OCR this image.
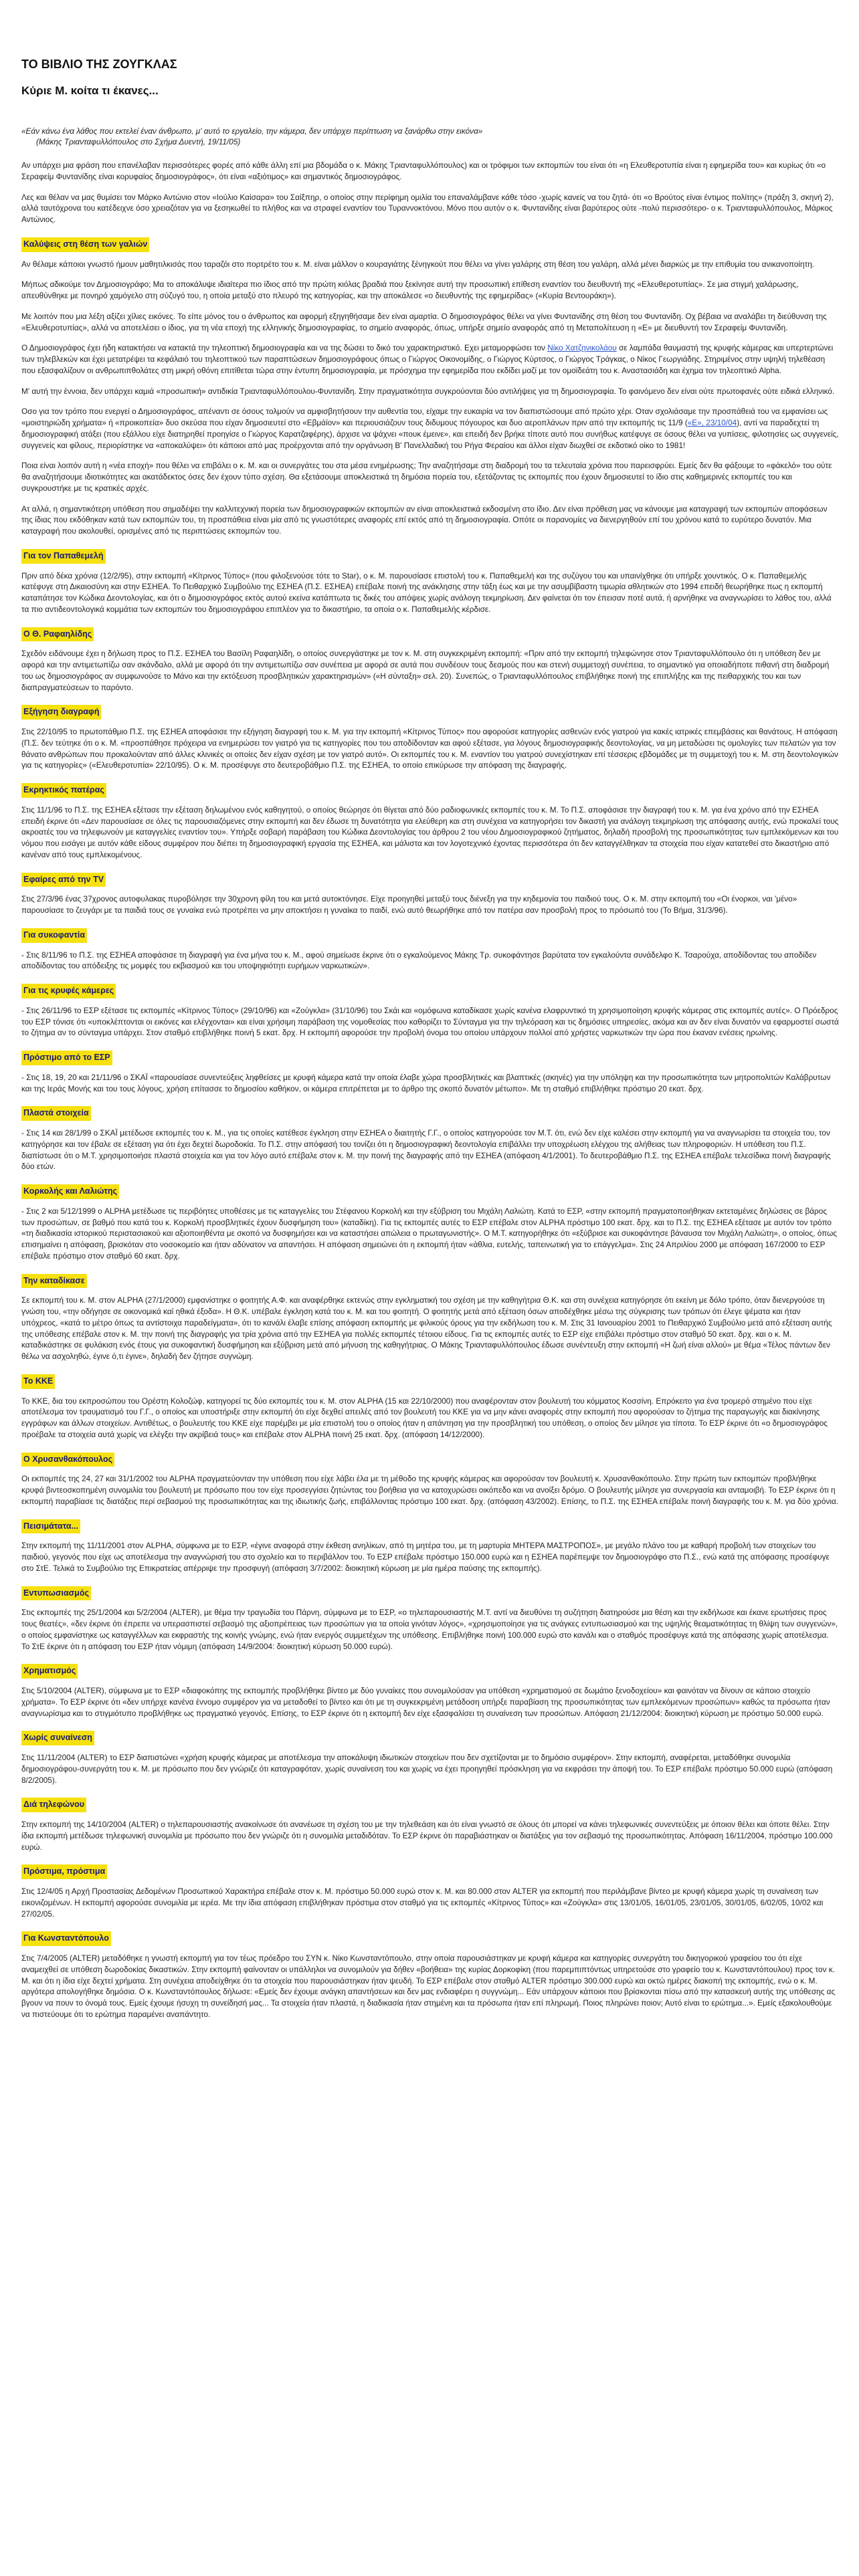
ΤΟ ΒΙΒΛΙΟ ΤΗΣ ΖΟΥΓΚΛΑΣ
Κύριε Μ. κοίτα τι έκανες...
«Εάν κάνω ένα λάθος που εκτελεί έναν άνθρωπο, μ' αυτό το εργαλείο, την κάμερα, δεν υπάρχει περίπτωση να ξανάρθω στην εικόνα»
(Μάκης Τριανταφυλλόπουλος στο Σχήμα Δυεντή, 19/11/05)

Αν υπάρχει μια φράση που επανέλαβαν περισσότερες φορές από κάθε άλλη επί μια βδομάδα ο κ. Μάκης Τριανταφυλλόπουλος) και οι τρόφιμοι των εκπομπών του είναι ότι «η Ελευθεροτυπία είναι η εφημερίδα του» και κυρίως ότι «ο Σεραφείμ Φυντανίδης είναι κορυφαίος δημοσιογράφος», ότι είναι «αξιότιμος» και σημαντικός δημοσιογράφος.

Λες και θέλαν να μας θυμίσει τον Μάρκο Αντώνιο στον «Ιούλιο Καίσαρα» του Σαίξπηρ, ο οποίος στην περίφημη ομιλία του επαναλάμβανε κάθε τόσο -χωρίς κανείς να του ζητά- ότι «ο Βρούτος είναι έντιμος πολίτης» (πράξη 3, σκηνή 2), αλλά ταυτόχρονα του κατέδειχνε όσο χρειαζόταν για να ξεσηκωθεί το πλήθος και να στραφεί εναντίον του Τυραννοκτόνου. Μόνο που αυτόν ο κ. Φυντανίδης είναι βαρύτερος ούτε -πολύ περισσότερο- ο κ. Τριανταφυλλόπουλος, Μάρκος Αντώνιος.

Καλύψεις στη θέση των γαλιών

Αν θέλαμε κάποιοι γνωστό ήμουν μαθητιλκισάς που ταραζόι στο πορτρέτο του κ. Μ. είναι μάλλον ο κουραγιάτης ξένηγκούτ που θέλει να γίνει γαλάρης στη θέση του γαλάρη, αλλά μένει διαρκώς με την επιθυμία του ανικανοποίητη.

Μήπως αδικούμε τον Δημοσιογράφο; Μα το αποκάλυψε ιδιαίτερα πιο ίδιος από την πρώτη κιόλας βραδιά που ξεκίνησε αυτή την προσωπική επίθεση εναντίον του διευθυντή της «Ελευθεροτυπίας». Σε μια στιγμή χαλάρωσης, απευθύνθηκε με πονηρό χαμόγελο στη σύζυγό του, η οποία μεταξύ στο πλευρό της κατηγορίας, και την αποκάλεσε «ο διευθυντής της εφημερίδας» («Κυρία Βεντουράκη»).

Με λοιπόν που μια λέξη αξίζει χίλιες εικόνες. Το είπε μόνος του ο άνθρωπος και αφορμή εξηγηθήσαμε δεν είναι αμαρτία. Ο δημοσιογράφος θέλει να γίνει Φυντανίδης στη θέση του Φυντανίδη. Οχ βέβαια να αναλάβει τη διεύθυνση της «Ελευθεροτυπίας», αλλά να αποτελέσει ο ίδιος, για τη νέα εποχή της ελληνικής δημοσιογραφίας, το σημείο αναφοράς, όπως, υπήρξε σημείο αναφοράς από τη Μεταπολίτευση η «Ε» με διευθυντή τον Σεραφείμ Φυντανίδη.

Ο Δημοσιογράφος έχει ήδη κατακτήσει να κατακτά την τηλεοπτική δημοσιογραφία και να της δώσει το δικό του χαρακτηριστικό. Εχει μεταμορφώσει τον Νίκο Χατζηνικολάου σε λαμπάδα θαυμαστή της κρυφής κάμερας και υπερτερτώνει των τηλεβλεκών και έχει μετατρέψει τα κεφάλαιό του τηλεοπτικού των παραπτώσεων δημοσιογράφους όπως ο Γιώργος Οικονομίδης, ο Γιώργος Κύρτσος, ο Γιώργος Τράγκας, ο Νίκος Γεωργιάδης. Στηριμένος στην υψηλή τηλεθέαση που εξασφαλίζουν οι ανθρωπιπθολάτες στη μικρή οθόνη επιτίθεται τώρα στην έντυπη δημοσιογραφία, με πρόσχημα την εφημερίδα που εκδίδει μαζί με τον ομοϊδεάτη του κ. Αναστασιάδη και έχημα τον τηλεοπτικό Alpha.

Μ' αυτή την έννοια, δεν υπάρχει καμιά «προσωπική» αντιδικία Τριανταφυλλόπουλου-Φυντανίδη. Στην πραγματικότητα συγκρούονται δύο αντιλήψεις για τη δημοσιογραφία. Το φαινόμενο δεν είναι ούτε πρωτοφανές ούτε ειδικά ελληνικό.

Οσο για τον τρόπο που ενεργεί ο Δημοσιογράφος, απέναντι σε όσους τολμούν να αμφισβητήσουν την αυθεντία του, είχαμε την ευκαιρία να τον διαπιστώσουμε από πρώτο χέρι. Οταν σχολιάσαμε την προσπάθειά του να εμφανίσει ως «μοιστηριώδη χρήματα» ή «προικοπεία» δυο σκεύσα που είχαν δημοσιευτεί στο «Εβμάίον» και περιουσιάζουν τους διδυμους πόγουρος και δυο αεροπλάνων πριν από την εκπομπής τις 11/9 («Ε», 23/10/04), αντί να παραδεχτεί τη δημοσιογραφική ατάξει (που εξάλλου είχε διατηρηθεί προηγίσε ο Γιώργος Καρατζαφέρης), άρχισε να ψάχνει «πουκ έμεινε», και επειδή δεν βρήκε τίποτε αυτό που συνήθως κατέφυγε σε όσους θέλει να γυπίσεις, φιλοτησίες ως συγγενείς, συγγενείς και φίλους, περιορίστηκε να «αποκαλύψει» ότι κάποιοι από μας προέρχονται από την οργάνωση Β' Πανελλαδική του Ρήγα Φεραίου και άλλοι είχαν διωχθεί σε εκδοτικό οίκο το 1981!

Ποια είναι λοιπόν αυτή η «νέα εποχή» που θέλει να επιβάλει ο κ. Μ. και οι συνεργάτες του στα μέσα ενημέρωσης; Την αναζητήσαμε στη διαδρομή του τα τελευταία χρόνια που παρεισφρύει. Εμείς δεν θα φάξουμε το «φάκελό» του ούτε θα αναζητήσουμε ιδιοτικότητες και ακατάδεκτος όσες δεν έχουν τύπο σχέση. Θα εξετάσουμε αποκλειστικά τη δημόσια πορεία του, εξετάζοντας τις εκπομπές που έχουν δημοσιευτεί το ίδιο στις καθημερινές εκπομπές του και συγκρουστήκε με τις κρατικές αρχές.

Ατ αλλά, η σημαντικότερη υπόθεση που σημαδέψει την καλλιτεχνική πορεία των δημοσιογραφικών εκπομπών αν είναι αποκλειστικά εκδοσμένη στο ίδιο. Δεν είναι πρόθεση μας να κάνουμε μια καταγραφή των εκπομπών αποφάσεων της ίδιας που εκδόθηκαν κατά των εκπομπών του, τη προσπάθεια είναι μία από τις γνωστότερες αναφορές επί εκτός από τη δημοσιογραφία. Οπότε οι παρανομίες να διενεργηθούν επί του χρόνου κατά το ευρύτερο δυνατόν. Μια καταγραφή που ακολουθεί, ορισμένες από τις περιπτώσεις εκπομπών του.

Για τον Παπαθεμελή

Πριν από δέκα χρόνια (12/2/95), στην εκπομπή «Κίτρινος Τύπος» (που φιλοξενούσε τότε το Star), ο κ. Μ. παρουσίασε επιστολή του κ. Παπαθεμελή και της συζύγου του και υπαινίχθηκε ότι υπήρξε χουντικός. Ο κ. Παπαθεμελής κατέφυγε στη Δικαιοσύνη και στην ΕΣΗΕΑ. Το Πειθαρχικό Συμβούλιο της ΕΣΗΕΑ (Π.Σ. ΕΣΗΕΑ) επέβαλε ποινή της ανάκλησης στην τάξη έως και με την ασυμβίβαστη τιμωρία αθλητικών στο 1994 επειδή θεωρήθηκε πως η εκπομπή καταπάτησε τον Κώδικα Δεοντολογίας, και ότι ο δημοσιογράφος εκτός αυτού εκείνα κατάπτωτα τις δικές του απόψεις χωρίς ανάλογη τεκμηρίωση. Δεν φαίνεται ότι τον έπεισαν ποτέ αυτά, ή αρνήθηκε να αναγνωρίσει το λάθος του, αλλά τα πιο αντιδεοντολογικά κομμάτια των εκπομπών του δημοσιογράφου επιπλέον για το δικαστήριο, τα οποία ο κ. Παπαθεμελής κέρδισε.

Ο Θ. Ραφαηλίδης

Σχεδόν ειδάνουμε έχει η δήλωση προς το Π.Σ. ΕΣΗΕΑ του Βασίλη Ραφαηλίδη, ο οποίος συνεργάστηκε με τον κ. Μ. στη συγκεκριμένη εκπομπή: «Πριν από την εκπομπή τηλεφώνησε στον Τριανταφυλλόπουλο ότι η υπόθεση δεν με αφορά και την αντιμετωπίζω σαν σκάνδαλο, αλλά με αφορά ότι την αντιμετωπίζω σαν συνέπεια με αφορά σε αυτά που συνδέουν τους δεσμούς που και στενή συμμετοχή συνέπεια, το σημαντικό για οποιαδήποτε πιθανή στη διαδρομή του ως δημοσιογράφος αν συμφωνούσε το Μάνο και την εκτόξευση προσβλητικών χαρακτηρισμών» («Η σύνταξη» σελ. 20). Συνεπώς, ο Τριανταφυλλόπουλος επιβλήθηκε ποινή της επιπλήξης και της πειθαρχικής του και των διαπραγματεύσεων το παρόντο.

Εξήγηση διαγραφή

Στις 22/10/95 το πρωτοπάθμιο Π.Σ. της ΕΣΗΕΑ αποφάσισε την εξήγηση διαγραφή του κ. Μ. για την εκπομπή «Κίτρινος Τύπος» που αφορούσε κατηγορίες ασθενών ενός γιατρού για κακές ιατρικές επεμβάσεις και θανάτους. Η απόφαση (Π.Σ. δεν τεύτηκε ότι ο κ. Μ. «προσπάθησε πρόχειρα να ενημερώσει τον γιατρό για τις κατηγορίες που του αποδίδονταν και αφού εξέτασε, για λόγους δημοσιογραφικής δεοντολογίας, να μη μεταδώσει τις ομολογίες των πελατών για τον θάνατο ανθρώπων που προκαλούνταν από άλλες κλινικές οι οποίες δεν είχαν σχέση με τον γιατρό αυτό». Οι εκπομπές του κ. Μ. εναντίον του γιατρού συνεχίστηκαν επί τέσσερις εβδομάδες με τη συμμετοχή του κ. Μ. στη δεοντολογικών για τις κατηγορίες» («Ελευθεροτυπία» 22/10/95). Ο κ. Μ. προσέφυγε στο δευτεροβάθμιο Π.Σ. της ΕΣΗΕΑ, το οποίο επικύρωσε την απόφαση της διαγραφής.

Εκρηκτικός πατέρας

Στις 11/1/96 το Π.Σ. της ΕΣΗΕΑ εξέτασε την εξέταση δηλωμένου ενός καθηγητού, ο οποίος θεώρησε ότι θίγεται από δύο ραδιοφωνικές εκπομπές του κ. Μ. Το Π.Σ. αποφάσισε την διαγραφή του κ. Μ. για ένα χρόνο από την ΕΣΗΕΑ επειδή έκρινε ότι «Δεν παρουσίασε σε όλες τις παρουσιαζόμενες στην εκπομπή και δεν έδωσε τη δυνατότητα για ελεύθερη και στη συνέχεια να κατηγορήσει τον δικαστή για ανάλογη τεκμηρίωση της απόφασης αυτής, ενώ προκαλεί τους ακροατές του να τηλεφωνούν με καταγγελίες εναντίον του». Υπήρξε σοβαρή παράβαση του Κώδικα Δεοντολογίας του άρθρου 2 του νέου Δημοσιογραφικού ζητήματος, δηλαδή προσβολή της προσωπικότητας των εμπλεκόμενων και του νόμου που εισάγει με αυτόν κάθε είδους συμφέρον που διέπει τη δημοσιογραφική εργασία της ΕΣΗΕΑ, και μάλιστα και τον λογοτεχνικό έχοντας περισσότερα ότι δεν καταγγέλθηκαν τα στοιχεία που είχαν κατατεθεί στο δικαστήριο από κανέναν από τους εμπλεκομένους.

Εφαίρες από την TV

Στις 27/3/96 ένας 37χρονος αυτοφυλακας πυροβόλησε την 30χρονη φίλη του και μετά αυτοκτόνησε. Είχε προηγηθεί μεταξύ τους διένεξη για την κηδεμονία του παιδιού τους. Ο κ. Μ. στην εκπομπή του «Οι ένορκοι, ναι 'μένο» παρουσίασε το ζευγάρι με τα παιδιά τους σε γυναίκα ενώ προτρέπει να μην αποκτήσει η γυναίκα το παιδί, ενώ αυτό θεωρήθηκε από τον πατέρα σαν προσβολή προς το πρόσωπό του (Το Βήμα, 31/3/96).

Για συκοφαντία

- Στις 8/11/96 το Π.Σ. της ΕΣΗΕΑ αποφάσισε τη διαγραφή για ένα μήνα του κ. Μ., αφού σημείωσε έκρινε ότι ο εγκαλούμενος Μάκης Τρ. συκοφάντησε βαρύτατα τον εγκαλούντα συνάδελφο Κ. Τσαρούχα, αποδίδοντας του αποδίδεν αποδίδοντας του απόδειξης τις μομφές του εκβιασμού και του υποψηφιότητι ευρήμων ναρκωτικών».

Για τις κρυφές κάμερες

- Στις 26/11/96 το ΕΣΡ εξέτασε τις εκπομπές «Κίτρινος Τύπος» (29/10/96) και «Ζούγκλα» (31/10/96) του Σκάι και «ομόφωνα καταδίκασε χωρίς κανένα ελαφρυντικό τη χρησιμοποίηση κρυφής κάμερας στις εκπομπές αυτές». Ο Πρόεδρος του ΕΣΡ τόνισε ότι «υποκλέπτονται οι εικόνες και ελέγχονται» και είναι χρήσιμη παράβαση της νομοθεσίας που καθορίζει το Σύνταγμα για την τηλεόραση και τις δημόσιες υπηρεσίες, ακόμα και αν δεν είναι δυνατόν να εφαρμοστεί σωστά το ζήτημα αν το σύνταγμα υπάρχει. Στον σταθμό επιβλήθηκε ποινή 5 εκατ. δρχ. Η εκπομπή αφορούσε την προβολή όνομα του οποίου υπάρχουν πολλοί από χρήστες ναρκωτικών την ώρα που έκαναν ενέσεις ηρωίνης.

Πρόστιμο από το ΕΣΡ

- Στις 18, 19, 20 και 21/11/96 ο ΣΚΑΪ «παρουσίασε συνεντεύξεις ληφθείσες με κρυφή κάμερα κατά την οποία έλαβε χώρα προσβλητικές και βλαπτικές (σκηνές) για την υπόληψη και την προσωπικότητα των μητροπολιτών Καλάβρυτων και της Ιεράς Μονής και του τους λόγους, χρήση επίτασσε το δημοσίου καθήκον, οι κάμερα επιτρέπεται με το άρθρο της σκοπό δυνατόν μέτωπο». Με τη σταθμό επιβλήθηκε πρόστιμο 20 εκατ. δρχ.

Πλαστά στοιχεία

- Στις 14 και 28/1/99 ο ΣΚΑΪ μετέδωσε εκπομπές του κ. Μ., για τις οποίες κατέθεσε έγκληση στην ΕΣΗΕΑ ο διαιτητής Γ.Γ., ο οποίος κατηγορούσε τον Μ.Τ. ότι, ενώ δεν είχε καλέσει στην εκπομπή για να αναγνωρίσει τα στοιχεία του, τον κατηγόρησε και τον έβαλε σε εξέταση για ότι έχει δεχτεί δωροδοκία. Το Π.Σ. στην απόφασή του τονίζει ότι η δημοσιογραφική δεοντολογία επιβάλλει την υποχρέωση ελέγχου της αλήθειας των πληροφοριών. Η υπόθεση του Π.Σ. διαπίστωσε ότι ο Μ.Τ. χρησιμοποιήσε πλαστά στοιχεία και για τον λόγο αυτό επέβαλε στον κ. Μ. την ποινή της διαγραφής από την ΕΣΗΕΑ (απόφαση 4/1/2001). Το δευτεροβάθμιο Π.Σ. της ΕΣΗΕΑ επέβαλε τελεσίδικα ποινή διαγραφής δύο ετών.

Κορκολής και Λαλιώτης

- Στις 2 και 5/12/1999 ο ALPHA μετέδωσε τις περιβόητες υποθέσεις με τις καταγγελίες του Στέφανου Κορκολή και την εξύβριση του Μιχάλη Λαλιώτη. Κατά το ΕΣΡ, «στην εκπομπή πραγματοποιήθηκαν εκτεταμένες δηλώσεις σε βάρος των προσώπων, σε βαθμό που κατά του κ. Κορκολή προσβλητικές έχουν δυσφήμηση του» (καταδίκη). Για τις εκπομπές αυτές το ΕΣΡ επέβαλε στον ALPHA πρόστιμο 100 εκατ. δρχ. και το Π.Σ. της ΕΣΗΕΑ εξέτασε με αυτόν τον τρόπο «τη διαδικασία ιστορικού περιστασιακού και αξιοποιηθέντα με σκοπό να δυσφημήσει και να καταστήσει απώλεια ο πρωταγωνιστής». Ο Μ.Τ. κατηγορήθηκε ότι «εξύβρισε και συκοφάντησε βάναυσα τον Μιχάλη Λαλιώτη», ο οποίος, όπως επισημαίνει η απόφαση, βρισκόταν στο νοσοκομείο και ήταν αδύνατον να απαντήσει. Η απόφαση σημειώνει ότι η εκπομπή ήταν «άθλια, ευτελής, ταπεινωτική για το επάγγελμα». Στις 24 Απριλίου 2000 με απόφαση 167/2000 το ΕΣΡ επέβαλε πρόστιμο στον σταθμό 60 εκατ. δρχ.

Την καταδίκασε

Σε εκπομπή του κ. Μ. στον ALPHA (27/1/2000) εμφανίστηκε ο φοιτητής Α.Φ. και αναφέρθηκε εκτενώς στην εγκληματική του σχέση με την καθηγήτρια Θ.Κ. και στη συνέχεια κατηγόρησε ότι εκείνη με δόλο τρόπο, όταν διενεργούσε τη γνώση του, «την οδήγησε σε οικονομικά καί ηθικά έξοδα». Η Θ.Κ. υπέβαλε έγκληση κατά του κ. Μ. και του φοιτητή. Ο φοιτητής μετά από εξέταση όσων αποδέχθηκε μέσω της σύγκρισης των τρόπων ότι έλεγε ψέματα και ήταν υπόχρεος, «κατά το μέτρο όπως τα αντίστοιχα παραδείγματα», ότι το κανάλι έλαβε επίσης απόφαση εκπομπής με φιλικούς όρους για την εκδήλωση του κ. Μ. Στις 31 Ιανουαρίου 2001 το Πειθαρχικό Συμβούλιο μετά από εξέταση αυτής της υπόθεσης επέβαλε στον κ. Μ. την ποινή της διαγραφής για τρία χρόνια από την ΕΣΗΕΑ για πολλές εκπομπές τέτοιου είδους. Για τις εκπομπές αυτές το ΕΣΡ είχε επιβάλει πρόστιμο στον σταθμό 50 εκατ. δρχ. και ο κ. Μ. καταδικάστηκε σε φυλάκιση ενός έτους για συκοφαντική δυσφήμηση και εξύβριση μετά από μήνυση της καθηγήτριας. Ο Μάκης Τριανταφυλλόπουλος έδωσε συνέντευξη στην εκπομπή «Η ζωή είναι αλλού» με θέμα «Τέλος πάντων δεν θέλω να ασχοληθώ, έγινε ό,τι έγινε», δηλαδή δεν ζήτησε συγνώμη.

Το ΚΚΕ

Το ΚΚΕ, δια του εκπροσώπου του Ορέστη Κολοζώφ, κατηγορεί τις δύο εκπομπές του κ. Μ. στον ALPHA (15 και 22/10/2000) που αναφέρονταν στον βουλευτή του κόμματος Κοσσίνη. Επρόκειτο για ένα τρομερό στημένο που είχε αποτέλεσμα τον τραυματισμό του Γ.Γ., ο οποίος και υποστήριξε στην εκπομπή ότι είχε δεχθεί απειλές από τον βουλευτή του ΚΚΕ για να μην κάνει αναφορές στην εκπομπή που αφορούσαν το ζήτημα της παραγωγής και διακίνησης εγγράφων και άλλων στοιχείων. Αντιθέτως, ο βουλευτής του ΚΚΕ είχε παρέμβει με μία επιστολή του ο οποίος ήταν η απάντηση για την προσβλητική του υπόθεση, ο οποίος δεν μίλησε για τίποτα. Το ΕΣΡ έκρινε ότι «ο δημοσιογράφος προέβαλε τα στοιχεία αυτά χωρίς να ελέγξει την ακρίβειά τους» και επέβαλε στον ALPHA ποινή 25 εκατ. δρχ. (απόφαση 14/12/2000).

Ο Χρυσανθακόπουλος

Οι εκπομπές της 24, 27 και 31/1/2002 του ALPHA πραγματεύονταν την υπόθεση που είχε λάβει έλα με τη μέθοδο της κρυφής κάμερας και αφορούσαν τον βουλευτή κ. Χρυσανθακόπουλο. Στην πρώτη των εκπομπών προβλήθηκε κρυφά βιντεοσκοπημένη συνομιλία του βουλευτή με πρόσωπο που τον είχε προσεγγίσει ζητώντας του βοήθεια για να κατοχυρώσει οικόπεδο και να ανοίξει δρόμο. Ο βουλευτής μίλησε για συνεργασία και ανταμοιβή. Το ΕΣΡ έκρινε ότι η εκπομπή παραβίασε τις διατάξεις περί σεβασμού της προσωπικότητας και της ιδιωτικής ζωής, επιβάλλοντας πρόστιμο 100 εκατ. δρχ. (απόφαση 43/2002). Επίσης, το Π.Σ. της ΕΣΗΕΑ επέβαλε ποινή διαγραφής του κ. Μ. για δύο χρόνια.

Πεισιμάτατα...

Στην εκπομπή της 11/11/2001 στον ALPHA, σύμφωνα με το ΕΣΡ, «έγινε αναφορά στην έκθεση ανηλίκων, από τη μητέρα του, με τη μαρτυρία ΜΗΤΕΡΑ ΜΑΣΤΡΟΠΟΣ», με μεγάλο πλάνο του με καθαρή προβολή των στοιχείων του παιδιού, γεγονός που είχε ως αποτέλεσμα την αναγνώρισή του στο σχολείο και το περιβάλλον του. Το ΕΣΡ επέβαλε πρόστιμο 150.000 ευρώ και η ΕΣΗΕΑ παρέπεμψε τον δημοσιογράφο στο Π.Σ., ενώ κατά της απόφασης προσέφυγε στο ΣτΕ. Τελικά το Συμβούλιο της Επικρατείας απέρριψε την προσφυγή (απόφαση 3/7/2002: διοικητική κύρωση με μία ημέρα παύσης της εκπομπής).

Εντυπωσιασμός

Στις εκπομπές της 25/1/2004 και 5/2/2004 (ALTER), με θέμα την τραγωδία του Πάρνη, σύμφωνα με το ΕΣΡ, «ο τηλεπαρουσιαστής Μ.Τ. αντί να διευθύνει τη συζήτηση διατηρούσε μια θέση και την εκδήλωσε και έκανε ερωτήσεις προς τους θεατές», «δεν έκρινε ότι έπρεπε να υπερασπιστεί σεβασμό της αξιοπρέπειας των προσώπων για τα οποία γινόταν λόγος», «χρησιμοποίησε για τις ανάγκες εντυπωσιασμού και της υψηλής θεαματικότητας τη θλίψη των συγγενών», ο οποίος εμφανίστηκε ως καταγγέλλων και εκφραστής της κοινής γνώμης, ενώ ήταν ενεργός συμμετέχων της υπόθεσης. Επιβλήθηκε ποινή 100.000 ευρώ στο κανάλι και ο σταθμός προσέφυγε κατά της απόφασης χωρίς αποτέλεσμα. Το ΣτΕ έκρινε ότι η απόφαση του ΕΣΡ ήταν νόμιμη (απόφαση 14/9/2004: διοικητική κύρωση 50.000 ευρώ).

Χρηματισμός

Στις 5/10/2004 (ALTER), σύμφωνα με το ΕΣΡ «διαφοκόπης της εκπομπής προβλήθηκε βίντεο με δύο γυναίκες που συνομιλούσαν για υπόθεση «χρηματισμού σε δωμάτιο ξενοδοχείου» και φαινόταν να δίνουν σε κάποιο στοιχείο χρήματα». Το ΕΣΡ έκρινε ότι «δεν υπήρχε κανένα έννομο συμφέρον για να μεταδοθεί το βίντεο και ότι με τη συγκεκριμένη μετάδοση υπήρξε παραβίαση της προσωπικότητας των εμπλεκόμενων προσώπων» καθώς τα πρόσωπα ήταν αναγνωρίσιμα και το στιγμιότυπο προβλήθηκε ως πραγματικό γεγονός. Επίσης, το ΕΣΡ έκρινε ότι η εκπομπή δεν είχε εξασφαλίσει τη συναίνεση των προσώπων. Απόφαση 21/12/2004: διοικητική κύρωση με πρόστιμο 50.000 ευρώ.

Χωρίς συναίνεση

Στις 11/11/2004 (ALTER) το ΕΣΡ διαπιστώνει «χρήση κρυφής κάμερας με αποτέλεσμα την αποκάλυψη ιδιωτικών στοιχείων που δεν σχετίζονται με το δημόσιο συμφέρον». Στην εκπομπή, αναφέρεται, μεταδόθηκε συνομιλία δημοσιογράφου-συνεργάτη του κ. Μ. με πρόσωπο που δεν γνώριζε ότι καταγραφόταν, χωρίς συναίνεση του και χωρίς να έχει προηγηθεί πρόσκληση για να εκφράσει την άποψή του. Το ΕΣΡ επέβαλε πρόστιμο 50.000 ευρώ (απόφαση 8/2/2005).

Διά τηλεφώνου

Στην εκπομπή της 14/10/2004 (ALTER) ο τηλεπαρουσιαστής ανακοίνωσε ότι ανανέωσε τη σχέση του με την τηλεθεάση και ότι είναι γνωστό σε όλους ότι μπορεί να κάνει τηλεφωνικές συνεντεύξεις με όποιον θέλει και όποτε θέλει. Στην ίδια εκπομπή μετέδωσε τηλεφωνική συνομιλία με πρόσωπο που δεν γνώριζε ότι η συνομιλία μεταδιδόταν. Το ΕΣΡ έκρινε ότι παραβιάστηκαν οι διατάξεις για τον σεβασμό της προσωπικότητας. Απόφαση 16/11/2004, πρόστιμο 100.000 ευρώ.

Πρόστιμα, πρόστιμα

Στις 12/4/05 η Αρχή Προστασίας Δεδομένων Προσωπικού Χαρακτήρα επέβαλε στον κ. Μ. πρόστιμο 50.000 ευρώ στον κ. Μ. και 80.000 στον ALTER για εκπομπή που περιλάμβανε βίντεο με κρυφή κάμερα χωρίς τη συναίνεση των εικονιζομένων. Η εκπομπή αφορούσε συνομιλία με ιερέα. Με την ίδια απόφαση επιβλήθηκαν πρόστιμα στον σταθμό για τις εκπομπές «Κίτρινος Τύπος» και «Ζούγκλα» στις 13/01/05, 16/01/05, 23/01/05, 30/01/05, 6/02/05, 10/02 και 27/02/05.

Για Κωνσταντόπουλο

Στις 7/4/2005 (ALTER) μεταδόθηκε η γνωστή εκπομπή για τον τέως πρόεδρο του ΣΥΝ κ. Νίκο Κωνσταντόπουλο, στην οποία παρουσιάστηκαν με κρυφή κάμερα και κατηγορίες συνεργάτη του δικηγορικού γραφείου του ότι είχε αναμειχθεί σε υπόθεση δωροδοκίας δικαστικών. Στην εκπομπή φαίνονταν οι υπάλληλοι να συνομιλούν για δήθεν «βοήθεια» της κυρίας Δορκοφίκη (που παρεμπιπτόντως υπηρετούσε στο γραφείο του κ. Κωνσταντόπουλου) προς τον κ. Μ. και ότι η ίδια είχε δεχτεί χρήματα. Στη συνέχεια αποδείχθηκε ότι τα στοιχεία που παρουσιάστηκαν ήταν ψευδή. Το ΕΣΡ επέβαλε στον σταθμό ALTER πρόστιμο 300.000 ευρώ και οκτώ ημέρες διακοπή της εκπομπής, ενώ ο κ. Μ. αργότερα απολογήθηκε δημόσια. Ο κ. Κωνσταντόπουλος δήλωσε: «Εμείς δεν έχουμε ανάγκη απαντήσεων και δεν μας ενδιαφέρει η συγγνώμη... Εάν υπάρχουν κάποιοι που βρίσκονται πίσω από την κατασκευή αυτής της υπόθεσης ας βγουν να πουν το όνομά τους. Εμείς έχουμε ήσυχη τη συνείδησή μας... Τα στοιχεία ήταν πλαστά, η διαδικασία ήταν στημένη και τα πρόσωπα ήταν επί πληρωμή. Ποιος πληρώνει ποιον; Αυτό είναι το ερώτημα...». Εμείς εξακολουθούμε να πιστεύουμε ότι το ερώτημα παραμένει αναπάντητο.
